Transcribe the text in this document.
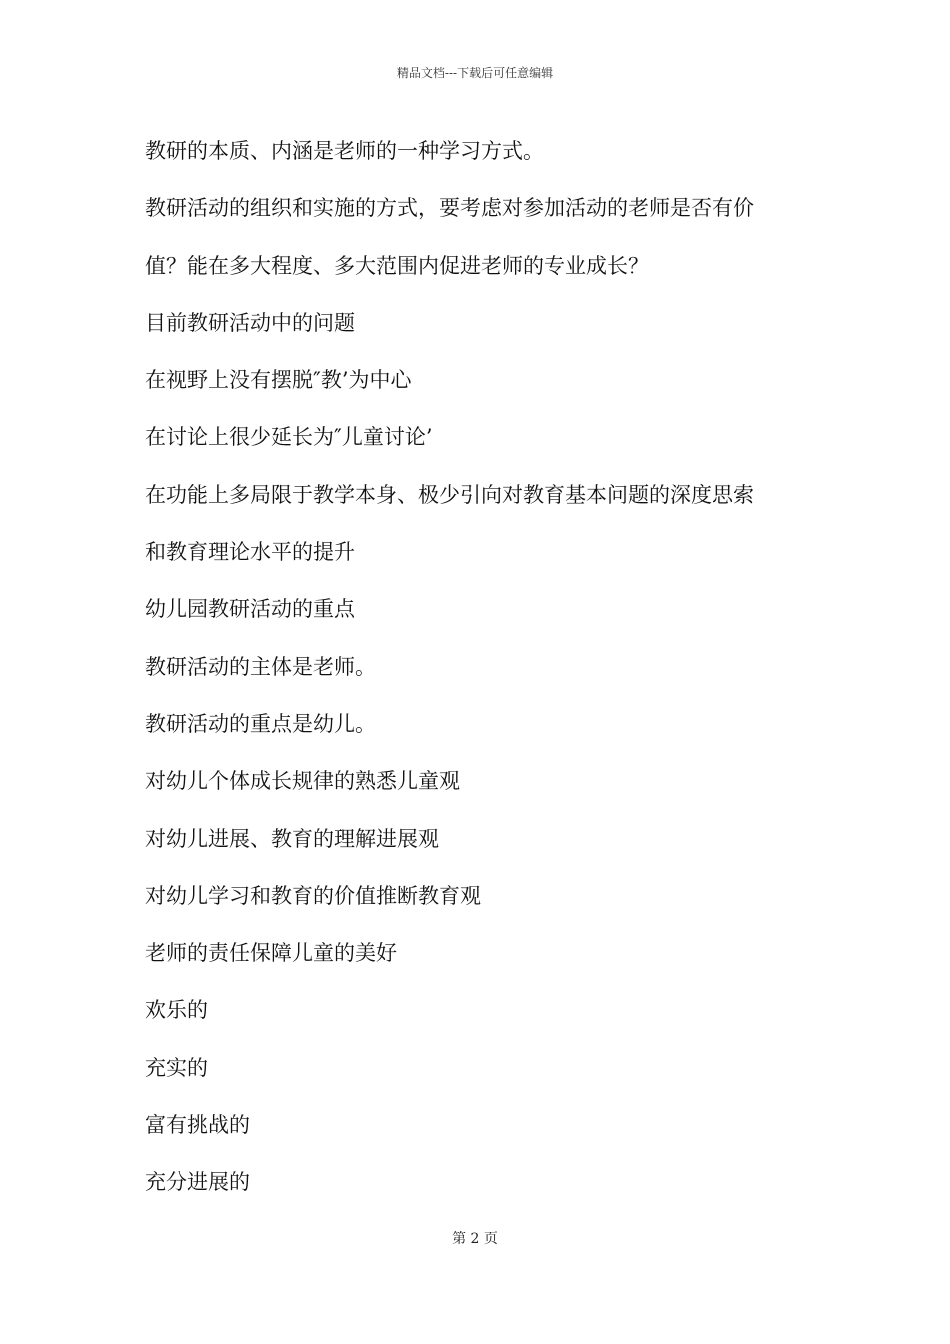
精品文档---下载后可任意编辑
教研的本质、内涵是老师的一种学习方式。
教研活动的组织和实施的方式，要考虑对参加活动的老师是否有价
值？能在多大程度、多大范围内促进老师的专业成长？
目前教研活动中的问题
在视野上没有摆脱″教’为中心
在讨论上很少延长为″儿童讨论’
在功能上多局限于教学本身、极少引向对教育基本问题的深度思索
和教育理论水平的提升
幼儿园教研活动的重点
教研活动的主体是老师。
教研活动的重点是幼儿。
对幼儿个体成长规律的熟悉儿童观
对幼儿进展、教育的理解进展观
对幼儿学习和教育的价值推断教育观
老师的责任保障儿童的美好
欢乐的
充实的
富有挑战的
充分进展的
第 2 页
